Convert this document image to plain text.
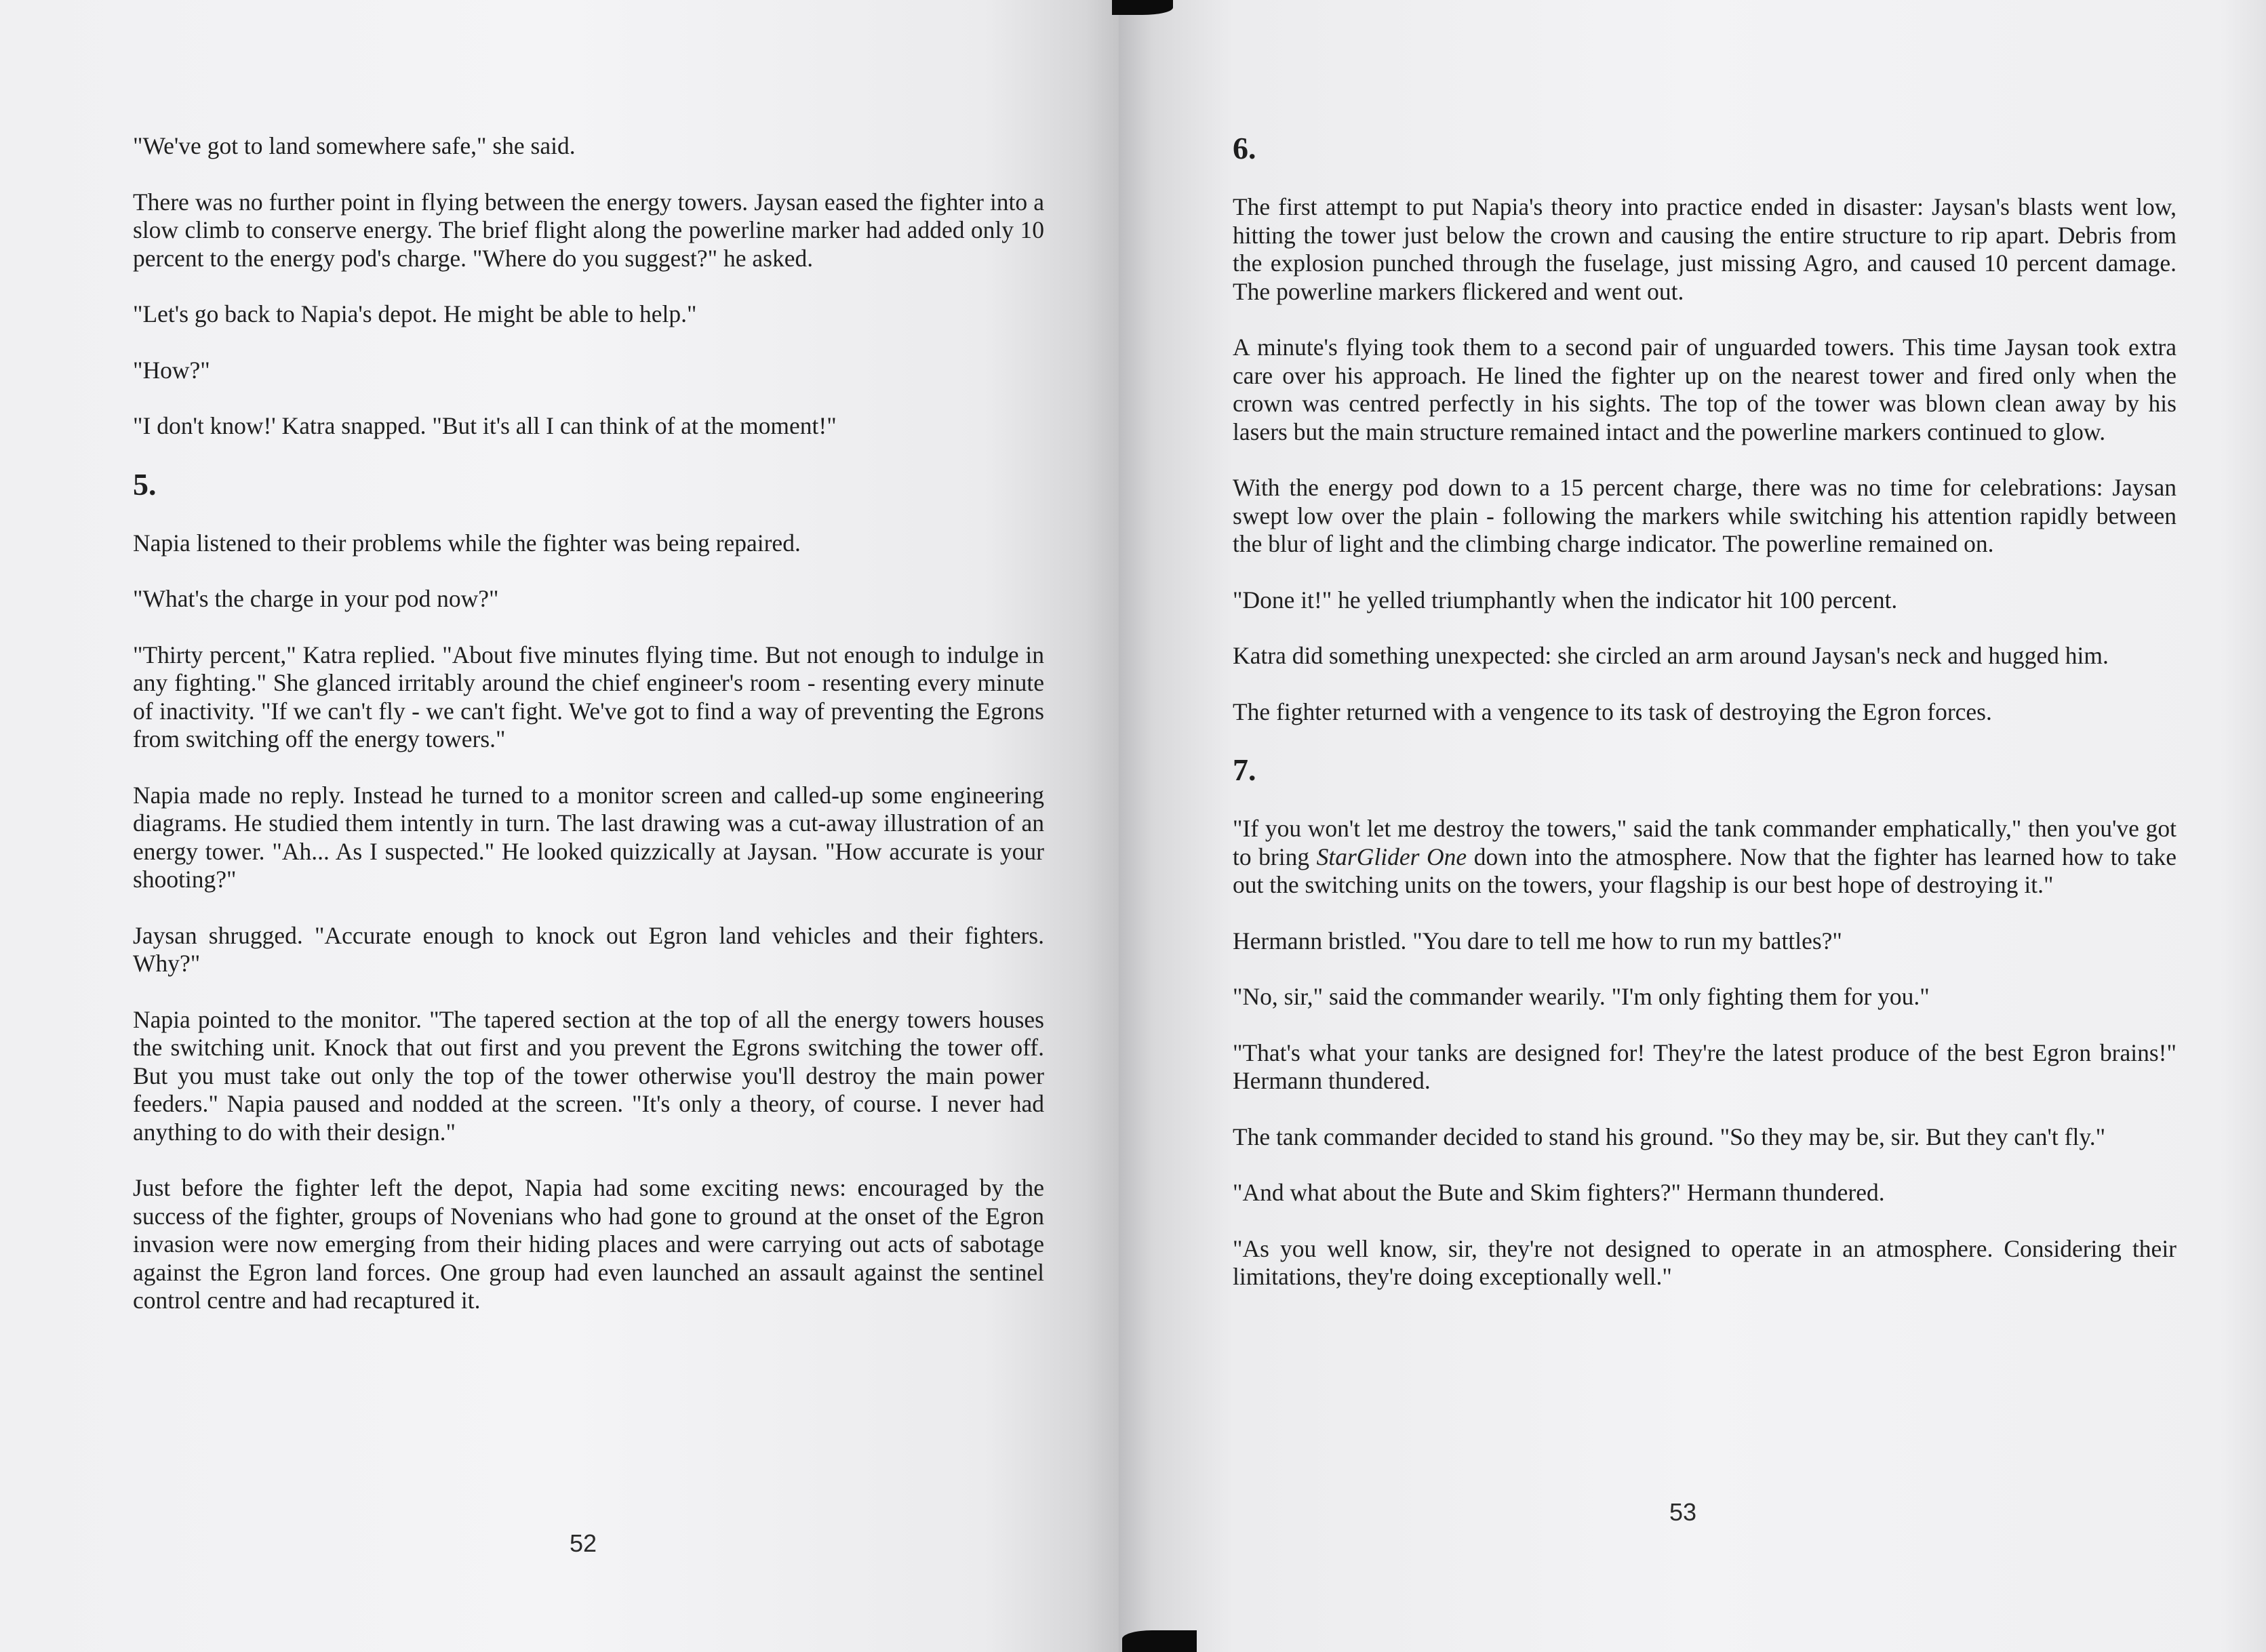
"We've got to land somewhere safe," she said.

There was no further point in flying between the energy towers. Jaysan eased the fighter into a slow climb to conserve energy. The brief flight along the powerline marker had added only 10 percent to the energy pod's charge. "Where do you suggest?" he asked.

"Let's go back to Napia's depot. He might be able to help."

"How?"

"I don't know!' Katra snapped. "But it's all I can think of at the moment!"

5.

Napia listened to their problems while the fighter was being repaired.

"What's the charge in your pod now?"

"Thirty percent," Katra replied. "About five minutes flying time. But not enough to indulge in any fighting." She glanced irritably around the chief engineer's room - resenting every minute of inactivity. "If we can't fly - we can't fight. We've got to find a way of preventing the Egrons from switching off the energy towers."

Napia made no reply. Instead he turned to a monitor screen and called-up some engineering diagrams. He studied them intently in turn. The last drawing was a cut-away illustration of an energy tower. "Ah... As I suspected." He looked quizzically at Jaysan. "How accurate is your shooting?"

Jaysan shrugged. "Accurate enough to knock out Egron land vehicles and their fighters. Why?"

Napia pointed to the monitor. "The tapered section at the top of all the energy towers houses the switching unit. Knock that out first and you prevent the Egrons switching the tower off. But you must take out only the top of the tower otherwise you'll destroy the main power feeders." Napia paused and nodded at the screen. "It's only a theory, of course. I never had anything to do with their design."

Just before the fighter left the depot, Napia had some exciting news: encouraged by the success of the fighter, groups of Novenians who had gone to ground at the onset of the Egron invasion were now emerging from their hiding places and were carrying out acts of sabotage against the Egron land forces. One group had even launched an assault against the sentinel control centre and had recaptured it.

52
6.

The first attempt to put Napia's theory into practice ended in disaster: Jaysan's blasts went low, hitting the tower just below the crown and causing the entire structure to rip apart. Debris from the explosion punched through the fuselage, just missing Agro, and caused 10 percent damage. The powerline markers flickered and went out.

A minute's flying took them to a second pair of unguarded towers. This time Jaysan took extra care over his approach. He lined the fighter up on the nearest tower and fired only when the crown was centred perfectly in his sights. The top of the tower was blown clean away by his lasers but the main structure remained intact and the powerline markers continued to glow.

With the energy pod down to a 15 percent charge, there was no time for celebrations: Jaysan swept low over the plain - following the markers while switching his attention rapidly between the blur of light and the climbing charge indicator. The powerline remained on.

"Done it!" he yelled triumphantly when the indicator hit 100 percent.

Katra did something unexpected: she circled an arm around Jaysan's neck and hugged him.

The fighter returned with a vengence to its task of destroying the Egron forces.

7.

"If you won't let me destroy the towers," said the tank commander emphatically," then you've got to bring StarGlider One down into the atmosphere. Now that the fighter has learned how to take out the switching units on the towers, your flagship is our best hope of destroying it."

Hermann bristled. "You dare to tell me how to run my battles?"

"No, sir," said the commander wearily. "I'm only fighting them for you."

"That's what your tanks are designed for! They're the latest produce of the best Egron brains!" Hermann thundered.

The tank commander decided to stand his ground. "So they may be, sir. But they can't fly."

"And what about the Bute and Skim fighters?" Hermann thundered.

"As you well know, sir, they're not designed to operate in an atmosphere. Considering their limitations, they're doing exceptionally well."

53
